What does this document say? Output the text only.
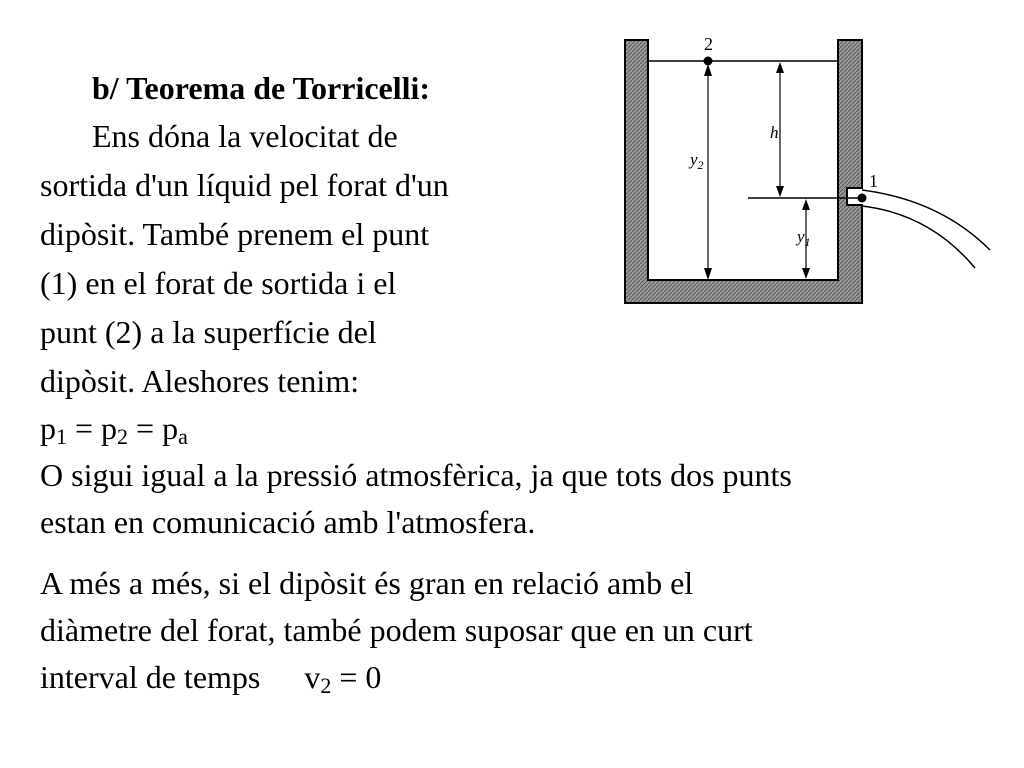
b/ Teorema de Torricelli:
Ens dóna la velocitat de
sortida d'un líquid pel forat d'un
dipòsit. També prenem el punt
(1) en el forat de sortida i el
punt (2) a la superfície del
dipòsit. Aleshores tenim:
$p_1 = p_2 = p_a$
O sigui igual a la pressió atmosfèrica, ja que tots dos punts
estan en comunicació amb l'atmosfera.
A més a més, si el dipòsit és gran en relació amb el
diàmetre del forat, també podem suposar que en un curt
interval de temps $v_2 = 0$
2
1
h
$y_2$
$y_1$
